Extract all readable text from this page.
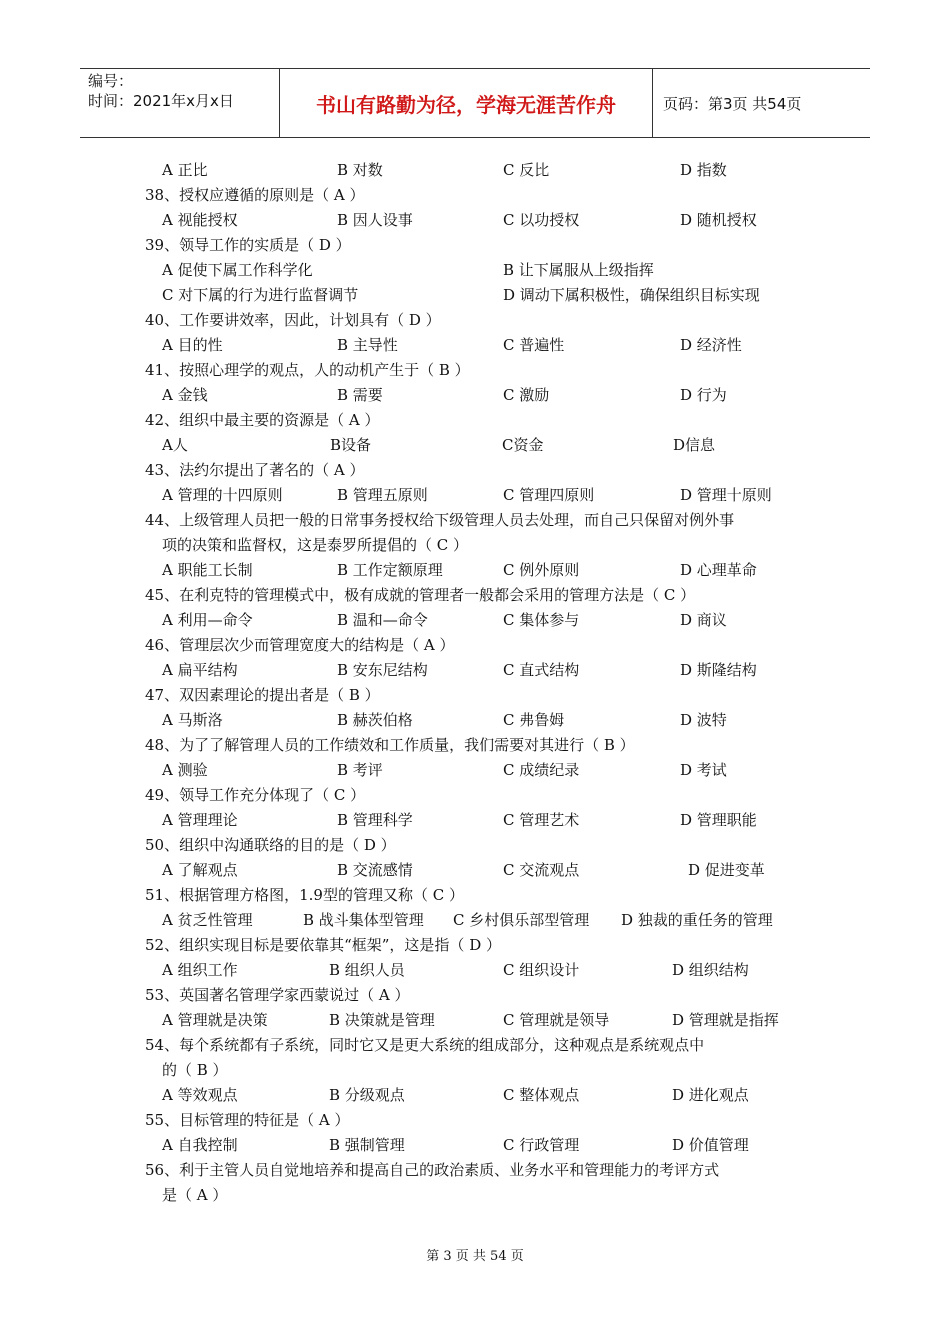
编号：
时间：2021年x月x日	书山有路勤为径，学海无涯苦作舟	页码：第3页 共54页
A 正比	B 对数	C 反比	D 指数
38、授权应遵循的原则是（ A ）
A 视能授权	B 因人设事	C 以功授权	D 随机授权
39、领导工作的实质是（ D ）
A 促使下属工作科学化	B 让下属服从上级指挥
C 对下属的行为进行监督调节	D 调动下属积极性，确保组织目标实现
40、工作要讲效率，因此，计划具有（ D ）
A 目的性	B 主导性	C 普遍性	D 经济性
41、按照心理学的观点，人的动机产生于（ B ）
A 金钱	B 需要	C 激励	D 行为
42、组织中最主要的资源是（ A ）
A人	B设备	C资金	D信息
43、法约尔提出了著名的（ A ）
A 管理的十四原则	B 管理五原则	C 管理四原则	D 管理十原则
44、上级管理人员把一般的日常事务授权给下级管理人员去处理，而自己只保留对例外事
项的决策和监督权，这是泰罗所提倡的（ C ）
A 职能工长制	B 工作定额原理	C 例外原则	D 心理革命
45、在利克特的管理模式中，极有成就的管理者一般都会采用的管理方法是（ C ）
A 利用—命令	B 温和—命令	C 集体参与	D 商议
46、管理层次少而管理宽度大的结构是（ A ）
A 扁平结构	B 安东尼结构	C 直式结构	D 斯隆结构
47、双因素理论的提出者是（ B ）
A 马斯洛	B 赫茨伯格	C 弗鲁姆	D 波特
48、为了了解管理人员的工作绩效和工作质量，我们需要对其进行（ B ）
A 测验	B 考评	C 成绩纪录	D 考试
49、领导工作充分体现了（ C ）
A 管理理论	B 管理科学	C 管理艺术	D 管理职能
50、组织中沟通联络的目的是（ D ）
A 了解观点	B 交流感情	C 交流观点	D 促进变革
51、根据管理方格图，1.9型的管理又称（ C ）
A 贫乏性管理	B 战斗集体型管理 C 乡村俱乐部型管理 D 独裁的重任务的管理
52、组织实现目标是要依靠其“框架”，这是指（ D ）
A 组织工作	B 组织人员	C 组织设计	D 组织结构
53、英国著名管理学家西蒙说过（ A ）
A 管理就是决策	B 决策就是管理	C 管理就是领导	D 管理就是指挥
54、每个系统都有子系统，同时它又是更大系统的组成部分，这种观点是系统观点中
的（ B ）
A 等效观点	B 分级观点	C 整体观点	D 进化观点
55、目标管理的特征是（ A ）
A 自我控制	B 强制管理	C 行政管理	D 价值管理
56、利于主管人员自觉地培养和提高自己的政治素质、业务水平和管理能力的考评方式
是（ A ）
第 3 页 共 54 页
